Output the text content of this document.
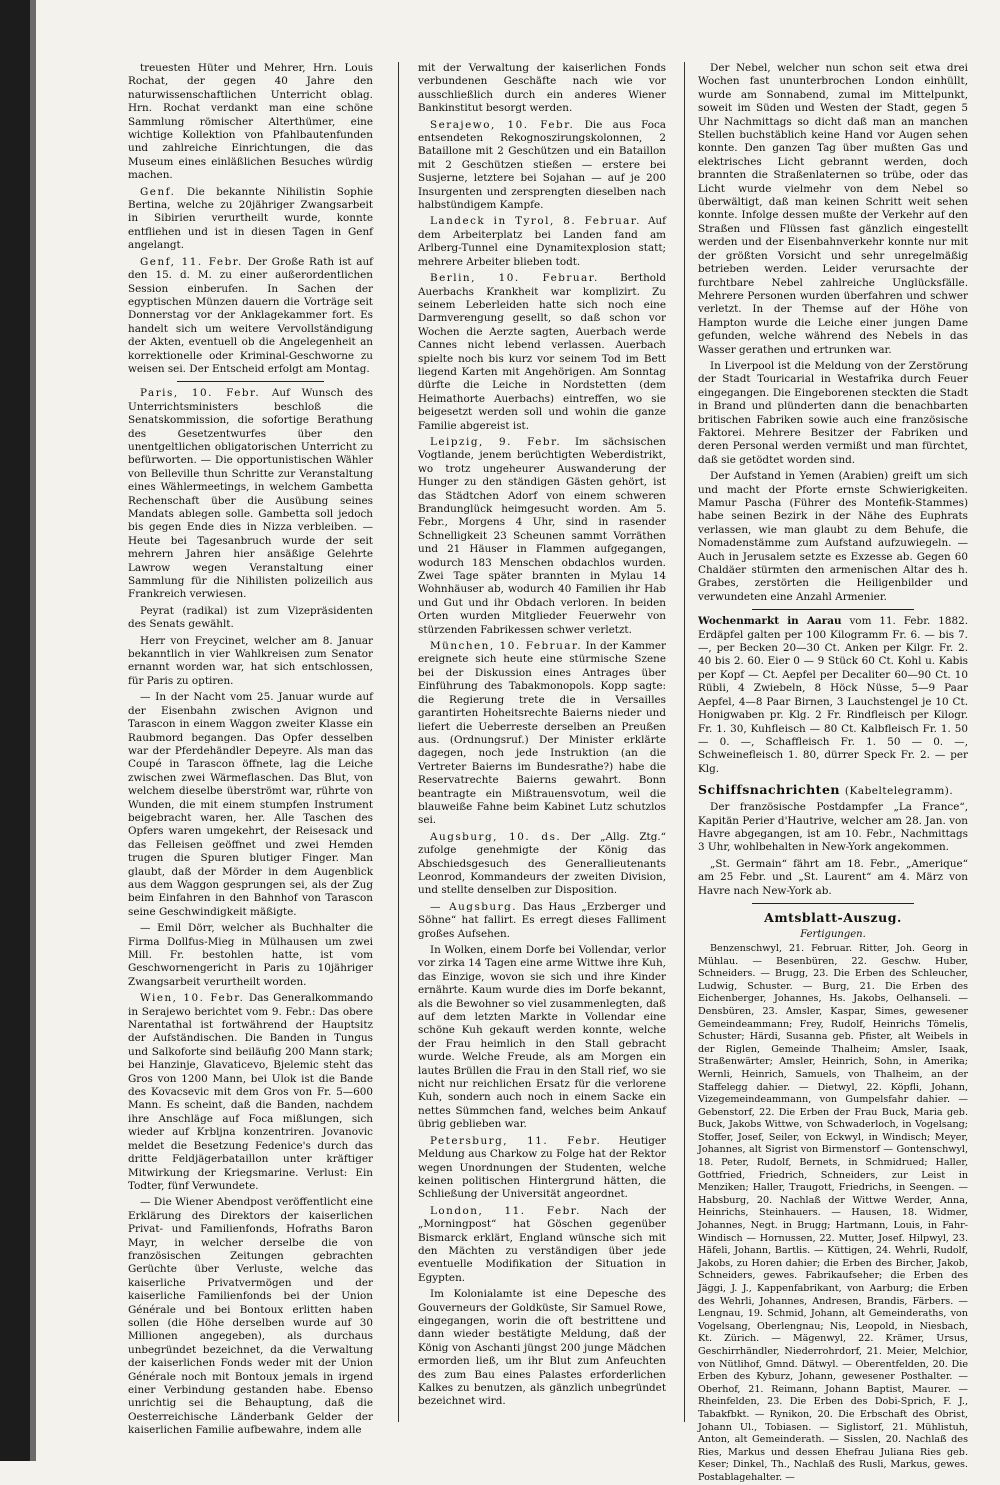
treuesten Hüter und Mehrer, Hrn. Louis Rochat, der gegen 40 Jahre den naturwissenschaftlichen Unterricht oblag. Hrn. Rochat verdankt man eine schöne Sammlung römischer Alterthümer, eine wichtige Kollektion von Pfahlbautenfunden und zahlreiche Einrichtungen, die das Museum eines einläßlichen Besuches würdig machen.

Genf. Die bekannte Nihilistin Sophie Bertina, welche zu 20jähriger Zwangsarbeit in Sibirien verurtheilt wurde, konnte entfliehen und ist in diesen Tagen in Genf angelangt.

Genf, 11. Febr. Der Große Rath ist auf den 15. d. M. zu einer außerordentlichen Session einberufen. In Sachen der egyptischen Münzen dauern die Vorträge seit Donnerstag vor der Anklagekammer fort. Es handelt sich um weitere Vervollständigung der Akten, eventuell ob die Angelegenheit an korrektionelle oder Kriminal-Geschworne zu weisen sei. Der Entscheid erfolgt am Montag.

Paris, 10. Febr. Auf Wunsch des Unterrichtsministers beschloß die Senatskommission, die sofortige Berathung des Gesetzentwurfes über den unentgeltlichen obligatorischen Unterricht zu befürworten. — Die opportunistischen Wähler von Belleville thun Schritte zur Veranstaltung eines Wählermeetings, in welchem Gambetta Rechenschaft über die Ausübung seines Mandats ablegen solle. Gambetta soll jedoch bis gegen Ende dies in Nizza verbleiben. — Heute bei Tagesanbruch wurde der seit mehrern Jahren hier ansäßige Gelehrte Lawrow wegen Veranstaltung einer Sammlung für die Nihilisten polizeilich aus Frankreich verwiesen.

Peyrat (radikal) ist zum Vizepräsidenten des Senats gewählt.

Herr von Freycinet, welcher am 8. Januar bekanntlich in vier Wahlkreisen zum Senator ernannt worden war, hat sich entschlossen, für Paris zu optiren.

— In der Nacht vom 25. Januar wurde auf der Eisenbahn zwischen Avignon und Tarascon in einem Waggon zweiter Klasse ein Raubmord begangen. Das Opfer desselben war der Pferdehändler Depeyre. Als man das Coupé in Tarascon öffnete, lag die Leiche zwischen zwei Wärmeflaschen. Das Blut, von welchem dieselbe überströmt war, rührte von Wunden, die mit einem stumpfen Instrument beigebracht waren, her. Alle Taschen des Opfers waren umgekehrt, der Reisesack und das Felleisen geöffnet und zwei Hemden trugen die Spuren blutiger Finger. Man glaubt, daß der Mörder in dem Augenblick aus dem Waggon gesprungen sei, als der Zug beim Einfahren in den Bahnhof von Tarascon seine Geschwindigkeit mäßigte.

— Emil Dörr, welcher als Buchhalter die Firma Dollfus-Mieg in Mülhausen um zwei Mill. Fr. bestohlen hatte, ist vom Geschwornengericht in Paris zu 10jähriger Zwangsarbeit verurtheilt worden.

Wien, 10. Febr. Das Generalkommando in Serajewo berichtet vom 9. Febr.: Das obere Narentathal ist fortwährend der Hauptsitz der Aufständischen. Die Banden in Tungus und Salkoforte sind beiläufig 200 Mann stark; bei Hanzinje, Glavaticevo, Bjelemic steht das Gros von 1200 Mann, bei Ulok ist die Bande des Kovacsevic mit dem Gros von Fr. 5—600 Mann. Es scheint, daß die Banden, nachdem ihre Anschläge auf Foca mißlungen, sich wieder auf Krbljna konzentriren. Jovanovic meldet die Besetzung Fedenice's durch das dritte Feldjägerbataillon unter kräftiger Mitwirkung der Kriegsmarine. Verlust: Ein Todter, fünf Verwundete.

— Die Wiener Abendpost veröffentlicht eine Erklärung des Direktors der kaiserlichen Privat- und Familienfonds, Hofraths Baron Mayr, in welcher derselbe die von französischen Zeitungen gebrachten Gerüchte über Verluste, welche das kaiserliche Privatvermögen und der kaiserliche Familienfonds bei der Union Générale und bei Bontoux erlitten haben sollen (die Höhe derselben wurde auf 30 Millionen angegeben), als durchaus unbegründet bezeichnet, da die Verwaltung der kaiserlichen Fonds weder mit der Union Générale noch mit Bontoux jemals in irgend einer Verbindung gestanden habe. Ebenso unrichtig sei die Behauptung, daß die Oesterreichische Länderbank Gelder der kaiserlichen Familie aufbewahre, indem alle

mit der Verwaltung der kaiserlichen Fonds verbundenen Geschäfte nach wie vor ausschließlich durch ein anderes Wiener Bankinstitut besorgt werden.

Serajewo, 10. Febr. Die aus Foca entsendeten Rekognoszirungskolonnen, 2 Bataillone mit 2 Geschützen und ein Bataillon mit 2 Geschützen stießen — erstere bei Susjerne, letztere bei Sojahan — auf je 200 Insurgenten und zersprengten dieselben nach halbstündigem Kampfe.

Landeck in Tyrol, 8. Februar. Auf dem Arbeiterplatz bei Landen fand am Arlberg-Tunnel eine Dynamitexplosion statt; mehrere Arbeiter blieben todt.

Berlin, 10. Februar. Berthold Auerbachs Krankheit war komplizirt. Zu seinem Leberleiden hatte sich noch eine Darmverengung gesellt, so daß schon vor Wochen die Aerzte sagten, Auerbach werde Cannes nicht lebend verlassen. Auerbach spielte noch bis kurz vor seinem Tod im Bett liegend Karten mit Angehörigen. Am Sonntag dürfte die Leiche in Nordstetten (dem Heimathorte Auerbachs) eintreffen, wo sie beigesetzt werden soll und wohin die ganze Familie abgereist ist.

Leipzig, 9. Febr. Im sächsischen Vogtlande, jenem berüchtigten Weberdistrikt, wo trotz ungeheurer Auswanderung der Hunger zu den ständigen Gästen gehört, ist das Städtchen Adorf von einem schweren Brandunglück heimgesucht worden. Am 5. Febr., Morgens 4 Uhr, sind in rasender Schnelligkeit 23 Scheunen sammt Vorräthen und 21 Häuser in Flammen aufgegangen, wodurch 183 Menschen obdachlos wurden. Zwei Tage später brannten in Mylau 14 Wohnhäuser ab, wodurch 40 Familien ihr Hab und Gut und ihr Obdach verloren. In beiden Orten wurden Mitglieder Feuerwehr von stürzenden Fabrikessen schwer verletzt.

München, 10. Februar. In der Kammer ereignete sich heute eine stürmische Szene bei der Diskussion eines Antrages über Einführung des Tabakmonopols. Kopp sagte: die Regierung trete die in Versailles garantirten Hoheitsrechte Baierns nieder und liefert die Ueberreste derselben an Preußen aus. (Ordnungsruf.) Der Minister erklärte dagegen, noch jede Instruktion (an die Vertreter Baierns im Bundesrathe?) habe die Reservatrechte Baierns gewahrt. Bonn beantragte ein Mißtrauensvotum, weil die blauweiße Fahne beim Kabinet Lutz schutzlos sei.

Augsburg, 10. ds. Der „Allg. Ztg.“ zufolge genehmigte der König das Abschiedsgesuch des Generallieutenants Leonrod, Kommandeurs der zweiten Division, und stellte denselben zur Disposition.

— Augsburg. Das Haus „Erzberger und Söhne“ hat fallirt. Es erregt dieses Falliment großes Aufsehen.

In Wolken, einem Dorfe bei Vollendar, verlor vor zirka 14 Tagen eine arme Wittwe ihre Kuh, das Einzige, wovon sie sich und ihre Kinder ernährte. Kaum wurde dies im Dorfe bekannt, als die Bewohner so viel zusammenlegten, daß auf dem letzten Markte in Vollendar eine schöne Kuh gekauft werden konnte, welche der Frau heimlich in den Stall gebracht wurde. Welche Freude, als am Morgen ein lautes Brüllen die Frau in den Stall rief, wo sie nicht nur reichlichen Ersatz für die verlorene Kuh, sondern auch noch in einem Sacke ein nettes Sümmchen fand, welches beim Ankauf übrig geblieben war.

Petersburg, 11. Febr. Heutiger Meldung aus Charkow zu Folge hat der Rektor wegen Unordnungen der Studenten, welche keinen politischen Hintergrund hätten, die Schließung der Universität angeordnet.

London, 11. Febr. Nach der „Morningpost“ hat Göschen gegenüber Bismarck erklärt, England wünsche sich mit den Mächten zu verständigen über jede eventuelle Modifikation der Situation in Egypten.

Im Kolonialamte ist eine Depesche des Gouverneurs der Goldküste, Sir Samuel Rowe, eingegangen, worin die oft bestrittene und dann wieder bestätigte Meldung, daß der König von Aschanti jüngst 200 junge Mädchen ermorden ließ, um ihr Blut zum Anfeuchten des zum Bau eines Palastes erforderlichen Kalkes zu benutzen, als gänzlich unbegründet bezeichnet wird.

Der Nebel, welcher nun schon seit etwa drei Wochen fast ununterbrochen London einhüllt, wurde am Sonnabend, zumal im Mittelpunkt, soweit im Süden und Westen der Stadt, gegen 5 Uhr Nachmittags so dicht daß man an manchen Stellen buchstäblich keine Hand vor Augen sehen konnte. Den ganzen Tag über mußten Gas und elektrisches Licht gebrannt werden, doch brannten die Straßenlaternen so trübe, oder das Licht wurde vielmehr von dem Nebel so überwältigt, daß man keinen Schritt weit sehen konnte. Infolge dessen mußte der Verkehr auf den Straßen und Flüssen fast gänzlich eingestellt werden und der Eisenbahnverkehr konnte nur mit der größten Vorsicht und sehr unregelmäßig betrieben werden. Leider verursachte der furchtbare Nebel zahlreiche Unglücksfälle. Mehrere Personen wurden überfahren und schwer verletzt. In der Themse auf der Höhe von Hampton wurde die Leiche einer jungen Dame gefunden, welche während des Nebels in das Wasser gerathen und ertrunken war.

In Liverpool ist die Meldung von der Zerstörung der Stadt Touricarial in Westafrika durch Feuer eingegangen. Die Eingeborenen steckten die Stadt in Brand und plünderten dann die benachbarten britischen Fabriken sowie auch eine französische Faktorei. Mehrere Besitzer der Fabriken und deren Personal werden vermißt und man fürchtet, daß sie getödtet worden sind.

Der Aufstand in Yemen (Arabien) greift um sich und macht der Pforte ernste Schwierigkeiten. Mamur Pascha (Führer des Montefik-Stammes) habe seinen Bezirk in der Nähe des Euphrats verlassen, wie man glaubt zu dem Behufe, die Nomadenstämme zum Aufstand aufzuwiegeln. — Auch in Jerusalem setzte es Exzesse ab. Gegen 60 Chaldäer stürmten den armenischen Altar des h. Grabes, zerstörten die Heiligenbilder und verwundeten eine Anzahl Armenier.

Wochenmarkt in Aarau vom 11. Febr. 1882. Erdäpfel galten per 100 Kilogramm Fr. 6. — bis 7. —, per Becken 20—30 Ct. Anken per Kilgr. Fr. 2. 40 bis 2. 60. Eier 0 — 9 Stück 60 Ct. Kohl u. Kabis per Kopf — Ct. Aepfel per Decaliter 60—90 Ct. 10 Rübli, 4 Zwiebeln, 8 Höck Nüsse, 5—9 Paar Aepfel, 4—8 Paar Birnen, 3 Lauchstengel je 10 Ct. Honigwaben pr. Klg. 2 Fr. Rindfleisch per Kilogr. Fr. 1. 30, Kuhfleisch — 80 Ct. Kalbfleisch Fr. 1. 50 — 0. —, Schaffleisch Fr. 1. 50 — 0. —, Schweinefleisch 1. 80, dürrer Speck Fr. 2. — per Klg.

Schiffsnachrichten (Kabeltelegramm).

Der französische Postdampfer „La France“, Kapitän Perier d'Hautrive, welcher am 28. Jan. von Havre abgegangen, ist am 10. Febr., Nachmittags 3 Uhr, wohlbehalten in New-York angekommen.

„St. Germain“ fährt am 18. Febr., „Amerique“ am 25 Febr. und „St. Laurent“ am 4. März von Havre nach New-York ab.

Amtsblatt-Auszug.
Fertigungen.

Benzenschwyl, 21. Februar. Ritter, Joh. Georg in Mühlau. — Besenbüren, 22. Geschw. Huber, Schneiders. — Brugg, 23. Die Erben des Schleucher, Ludwig, Schuster. — Burg, 21. Die Erben des Eichenberger, Johannes, Hs. Jakobs, Oelhanseli. — Densbüren, 23. Amsler, Kaspar, Simes, gewesener Gemeindeammann; Frey, Rudolf, Heinrichs Tömelis, Schuster; Härdi, Susanna geb. Pfister, alt Weibels in der Riglen, Gemeinde Thalheim; Amsler, Isaak, Straßenwärter; Amsler, Heinrich, Sohn, in Amerika; Wernli, Heinrich, Samuels, von Thalheim, an der Staffelegg dahier. — Dietwyl, 22. Köpfli, Johann, Vizegemeindeammann, von Gumpelsfahr dahier. — Gebenstorf, 22. Die Erben der Frau Buck, Maria geb. Buck, Jakobs Wittwe, von Schwaderloch, in Vogelsang; Stoffer, Josef, Seiler, von Eckwyl, in Windisch; Meyer, Johannes, alt Sigrist von Birmenstorf — Gontenschwyl, 18. Peter, Rudolf, Bernets, in Schmidrued; Haller, Gottfried, Friedrich, Schneiders, zur Leist in Menziken; Haller, Traugott, Friedrichs, in Seengen. — Habsburg, 20. Nachlaß der Wittwe Werder, Anna, Heinrichs, Steinhauers. — Hausen, 18. Widmer, Johannes, Negt. in Brugg; Hartmann, Louis, in Fahr-Windisch — Hornussen, 22. Mutter, Josef. Hilpwyl, 23. Häfeli, Johann, Bartlis. — Küttigen, 24. Wehrli, Rudolf, Jakobs, zu Horen dahier; die Erben des Bircher, Jakob, Schneiders, gewes. Fabrikaufseher; die Erben des Jäggi, J. J., Kappenfabrikant, von Aarburg; die Erben des Wehrli, Johannes, Andresen, Brandis, Färbers. — Lengnau, 19. Schmid, Johann, alt Gemeinderaths, von Vogelsang, Oberlengnau; Nis, Leopold, in Niesbach, Kt. Zürich. — Mägenwyl, 22. Krämer, Ursus, Geschirrhändler, Niederrohrdorf, 21. Meier, Melchior, von Nütlihof, Gmnd. Dätwyl. — Oberentfelden, 20. Die Erben des Kyburz, Johann, gewesener Posthalter. — Oberhof, 21. Reimann, Johann Baptist, Maurer. — Rheinfelden, 23. Die Erben des Dobi-Sprich, F. J., Tabakfbkt. — Rynikon, 20. Die Erbschaft des Obrist, Johann Ul., Tobiasen. — Siglistorf, 21. Mühlistuh, Anton, alt Gemeinderath. — Sisslen, 20. Nachlaß des Ries, Markus und dessen Ehefrau Juliana Ries geb. Keser; Dinkel, Th., Nachlaß des Rusli, Markus, gewes. Postablagehalter. —
